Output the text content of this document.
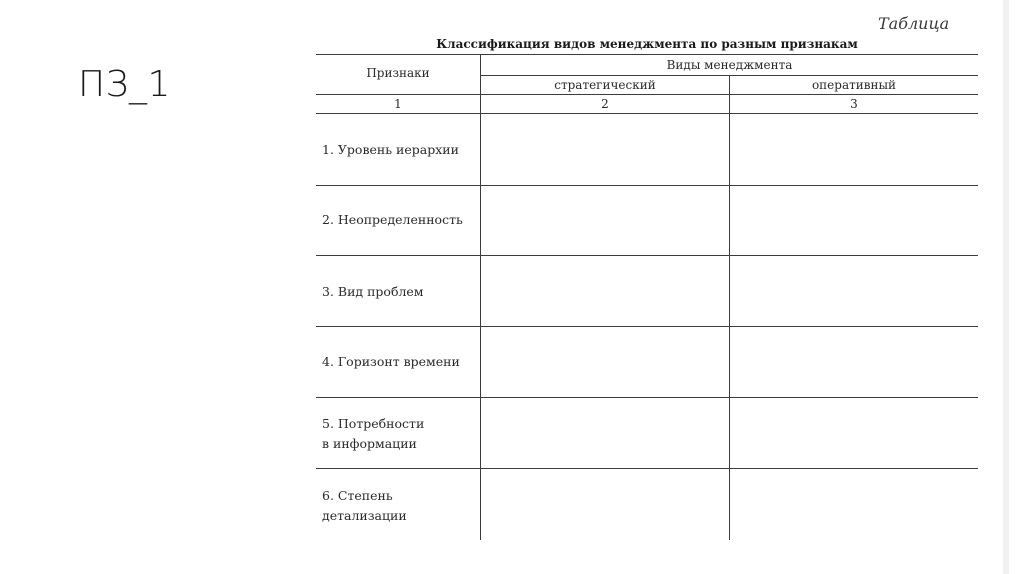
ПЗ_1
Таблица
Классификация видов менеджмента по разным признакам
Признаки
Виды менеджмента
стратегический	оперативный
1	2	3
1. Уровень иерархии
2. Неопределенность
3. Вид проблем
4. Горизонт времени
5. Потребности
в информации
6. Степень
детализации
